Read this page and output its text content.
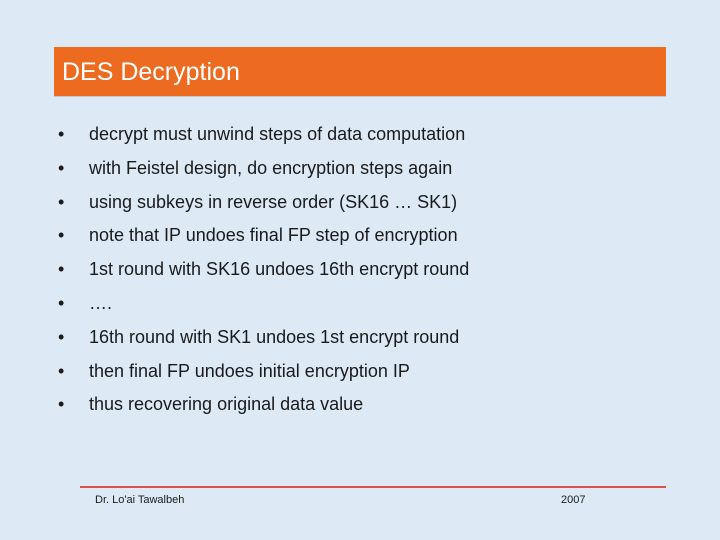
DES Decryption
•	decrypt must unwind steps of data computation
•	with Feistel design, do encryption steps again
•	using subkeys in reverse order (SK16 … SK1)
•	note that IP undoes final FP step of encryption
•	1st round with SK16 undoes 16th encrypt round
•	….
•	16th round with SK1 undoes 1st encrypt round
•	then final FP undoes initial encryption IP
•	thus recovering original data value
Dr. Lo'ai Tawalbeh	2007
